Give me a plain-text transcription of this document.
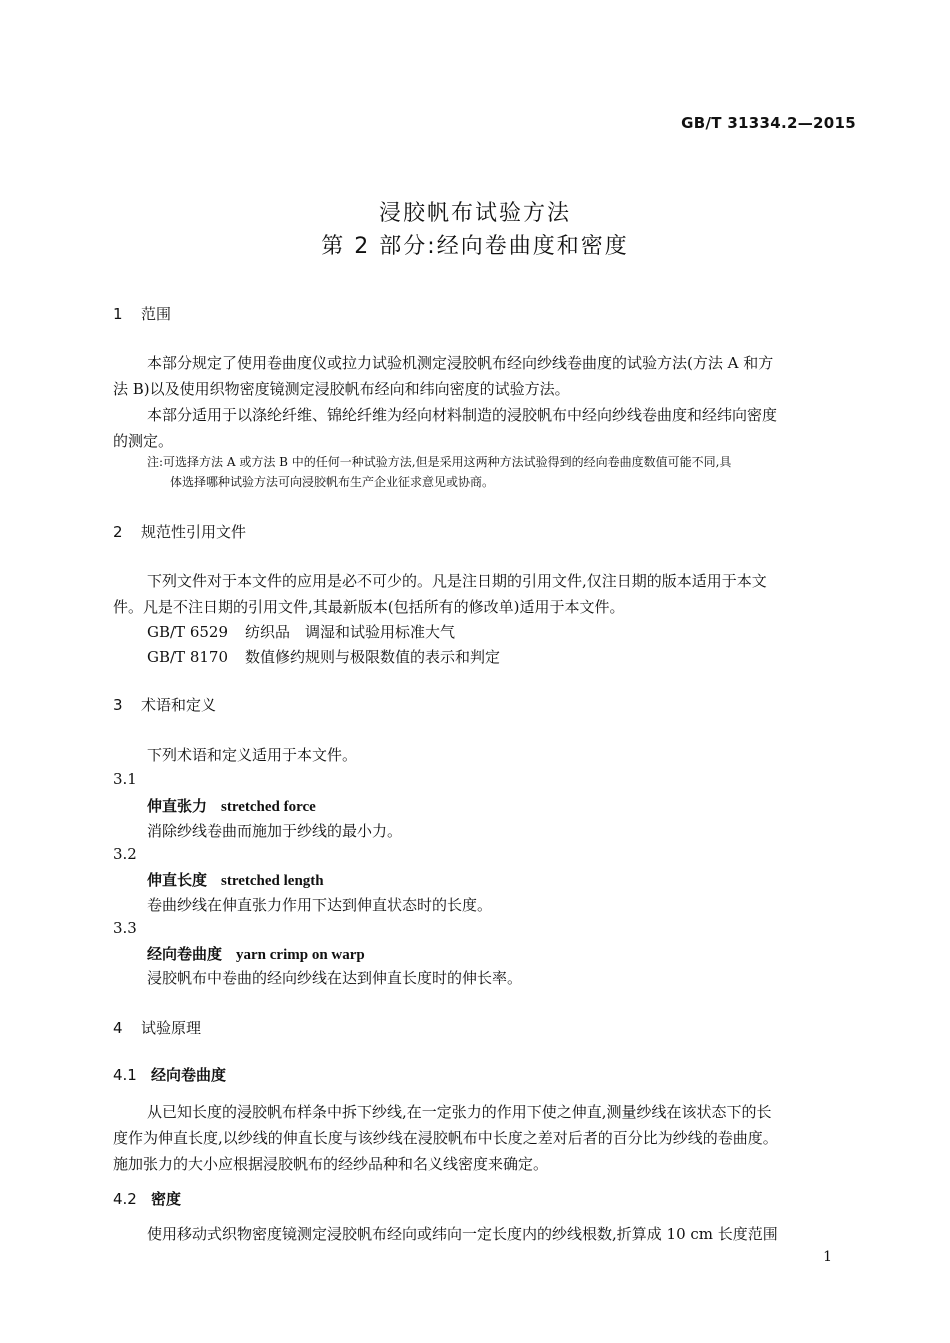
GB/T 31334.2—2015
浸胶帆布试验方法
第 2 部分:经向卷曲度和密度
1 范围
本部分规定了使用卷曲度仪或拉力试验机测定浸胶帆布经向纱线卷曲度的试验方法(方法 A 和方
法 B)以及使用织物密度镜测定浸胶帆布经向和纬向密度的试验方法。
本部分适用于以涤纶纤维、锦纶纤维为经向材料制造的浸胶帆布中经向纱线卷曲度和经纬向密度
的测定。
注:可选择方法 A 或方法 B 中的任何一种试验方法,但是采用这两种方法试验得到的经向卷曲度数值可能不同,具
体选择哪种试验方法可向浸胶帆布生产企业征求意见或协商。
2 规范性引用文件
下列文件对于本文件的应用是必不可少的。凡是注日期的引用文件,仅注日期的版本适用于本文
件。凡是不注日期的引用文件,其最新版本(包括所有的修改单)适用于本文件。
GB/T 6529 纺织品　调湿和试验用标准大气
GB/T 8170 数值修约规则与极限数值的表示和判定
3 术语和定义
下列术语和定义适用于本文件。
3.1
伸直张力 stretched force
消除纱线卷曲而施加于纱线的最小力。
3.2
伸直长度 stretched length
卷曲纱线在伸直张力作用下达到伸直状态时的长度。
3.3
经向卷曲度 yarn crimp on warp
浸胶帆布中卷曲的经向纱线在达到伸直长度时的伸长率。
4 试验原理
4.1 经向卷曲度
从已知长度的浸胶帆布样条中拆下纱线,在一定张力的作用下使之伸直,测量纱线在该状态下的长
度作为伸直长度,以纱线的伸直长度与该纱线在浸胶帆布中长度之差对后者的百分比为纱线的卷曲度。
施加张力的大小应根据浸胶帆布的经纱品种和名义线密度来确定。
4.2 密度
使用移动式织物密度镜测定浸胶帆布经向或纬向一定长度内的纱线根数,折算成 10 cm 长度范围
1
